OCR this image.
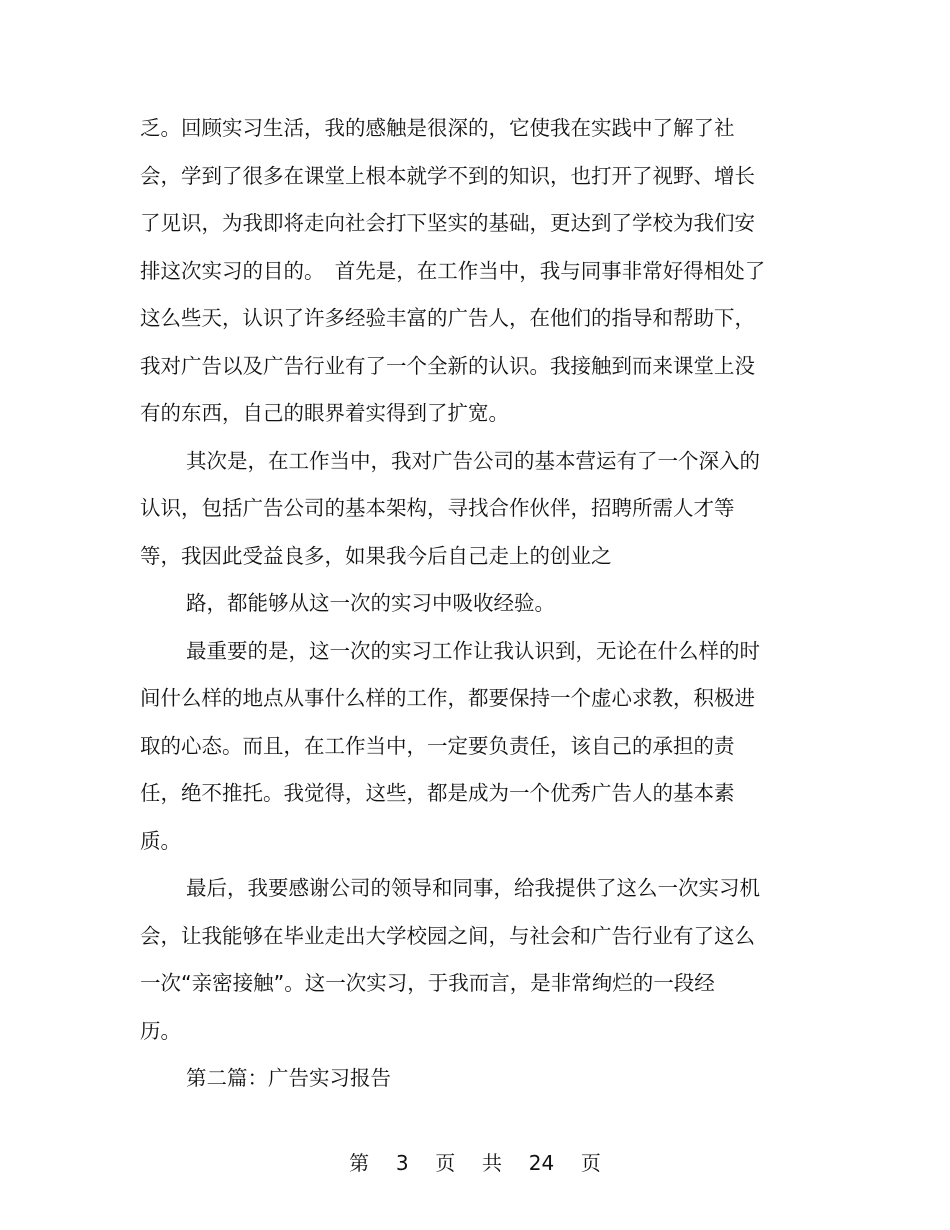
乏。回顾实习生活，我的感触是很深的，它使我在实践中了解了社
会，学到了很多在课堂上根本就学不到的知识，也打开了视野、增长
了见识，为我即将走向社会打下坚实的基础，更达到了学校为我们安
排这次实习的目的。　首先是，在工作当中，我与同事非常好得相处了
这么些天，认识了许多经验丰富的广告人，在他们的指导和帮助下，
我对广告以及广告行业有了一个全新的认识。我接触到而来课堂上没
有的东西，自己的眼界着实得到了扩宽。
其次是，在工作当中，我对广告公司的基本营运有了一个深入的
认识，包括广告公司的基本架构，寻找合作伙伴，招聘所需人才等
等，我因此受益良多，如果我今后自己走上的创业之
路，都能够从这一次的实习中吸收经验。
最重要的是，这一次的实习工作让我认识到，无论在什么样的时
间什么样的地点从事什么样的工作，都要保持一个虚心求教，积极进
取的心态。而且，在工作当中，一定要负责任，该自己的承担的责
任，绝不推托。我觉得，这些，都是成为一个优秀广告人的基本素
质。
最后，我要感谢公司的领导和同事，给我提供了这么一次实习机
会，让我能够在毕业走出大学校园之间，与社会和广告行业有了这么
一次“亲密接触”。这一次实习，于我而言，是非常绚烂的一段经
历。
第二篇：广告实习报告
第 3 页 共 24 页
